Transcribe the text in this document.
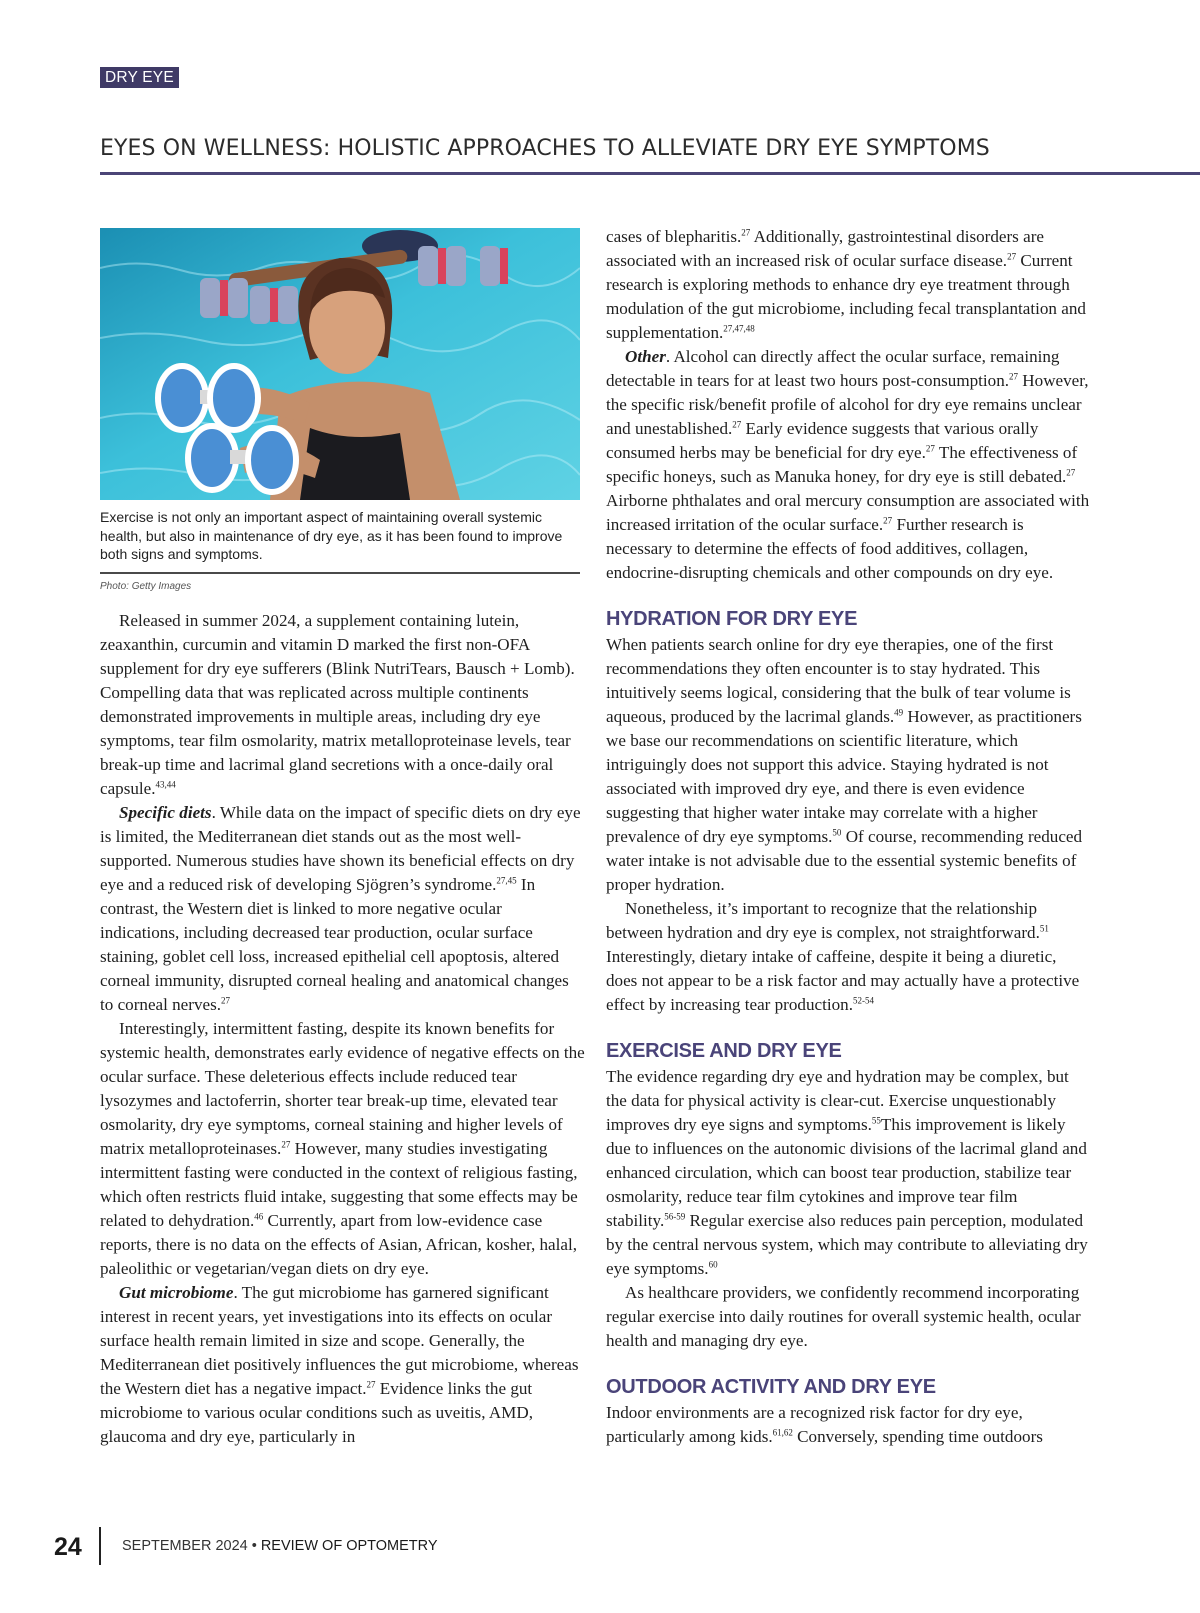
DRY EYE
EYES ON WELLNESS: HOLISTIC APPROACHES TO ALLEVIATE DRY EYE SYMPTOMS

Exercise is not only an important aspect of maintaining overall systemic health, but also in maintenance of dry eye, as it has been found to improve both signs and symptoms.

Photo: Getty Images

Released in summer 2024, a supplement containing lutein, zeaxanthin, curcumin and vitamin D marked the first non-OFA supplement for dry eye sufferers (Blink NutriTears, Bausch + Lomb). Compelling data that was replicated across multiple continents demonstrated improvements in multiple areas, including dry eye symptoms, tear film osmolarity, matrix metalloproteinase levels, tear break-up time and lacrimal gland secretions with a once-daily oral capsule.$^{43,44}$

Specific diets. While data on the impact of specific diets on dry eye is limited, the Mediterranean diet stands out as the most well-supported. Numerous studies have shown its beneficial effects on dry eye and a reduced risk of developing Sjögren’s syndrome.$^{27,45}$ In contrast, the Western diet is linked to more negative ocular indications, including decreased tear production, ocular surface staining, goblet cell loss, increased epithelial cell apoptosis, altered corneal immunity, disrupted corneal healing and anatomical changes to corneal nerves.$^{27}$

Interestingly, intermittent fasting, despite its known benefits for systemic health, demonstrates early evidence of negative effects on the ocular surface. These deleterious effects include reduced tear lysozymes and lactoferrin, shorter tear break-up time, elevated tear osmolarity, dry eye symptoms, corneal staining and higher levels of matrix metalloproteinases.$^{27}$ However, many studies investigating intermittent fasting were conducted in the context of religious fasting, which often restricts fluid intake, suggesting that some effects may be related to dehydration.$^{46}$ Currently, apart from low-evidence case reports, there is no data on the effects of Asian, African, kosher, halal, paleolithic or vegetarian/vegan diets on dry eye.

Gut microbiome. The gut microbiome has garnered significant interest in recent years, yet investigations into its effects on ocular surface health remain limited in size and scope. Generally, the Mediterranean diet positively influences the gut microbiome, whereas the Western diet has a negative impact.$^{27}$ Evidence links the gut microbiome to various ocular conditions such as uveitis, AMD, glaucoma and dry eye, particularly in

cases of blepharitis.$^{27}$ Additionally, gastrointestinal disorders are associated with an increased risk of ocular surface disease.$^{27}$ Current research is exploring methods to enhance dry eye treatment through modulation of the gut microbiome, including fecal transplantation and supplementation.$^{27,47,48}$

Other. Alcohol can directly affect the ocular surface, remaining detectable in tears for at least two hours post-consumption.$^{27}$ However, the specific risk/benefit profile of alcohol for dry eye remains unclear and unestablished.$^{27}$ Early evidence suggests that various orally consumed herbs may be beneficial for dry eye.$^{27}$ The effectiveness of specific honeys, such as Manuka honey, for dry eye is still debated.$^{27}$ Airborne phthalates and oral mercury consumption are associated with increased irritation of the ocular surface.$^{27}$ Further research is necessary to determine the effects of food additives, collagen, endocrine-disrupting chemicals and other compounds on dry eye.

HYDRATION FOR DRY EYE

When patients search online for dry eye therapies, one of the first recommendations they often encounter is to stay hydrated. This intuitively seems logical, considering that the bulk of tear volume is aqueous, produced by the lacrimal glands.$^{49}$ However, as practitioners we base our recommendations on scientific literature, which intriguingly does not support this advice. Staying hydrated is not associated with improved dry eye, and there is even evidence suggesting that higher water intake may correlate with a higher prevalence of dry eye symptoms.$^{50}$ Of course, recommending reduced water intake is not advisable due to the essential systemic benefits of proper hydration.

Nonetheless, it’s important to recognize that the relationship between hydration and dry eye is complex, not straightforward.$^{51}$ Interestingly, dietary intake of caffeine, despite it being a diuretic, does not appear to be a risk factor and may actually have a protective effect by increasing tear production.$^{52-54}$

EXERCISE AND DRY EYE

The evidence regarding dry eye and hydration may be complex, but the data for physical activity is clear-cut. Exercise unquestionably improves dry eye signs and symptoms.$^{55}$This improvement is likely due to influences on the autonomic divisions of the lacrimal gland and enhanced circulation, which can boost tear production, stabilize tear osmolarity, reduce tear film cytokines and improve tear film stability.$^{56-59}$ Regular exercise also reduces pain perception, modulated by the central nervous system, which may contribute to alleviating dry eye symptoms.$^{60}$

As healthcare providers, we confidently recommend incorporating regular exercise into daily routines for overall systemic health, ocular health and managing dry eye.

OUTDOOR ACTIVITY AND DRY EYE

Indoor environments are a recognized risk factor for dry eye, particularly among kids.$^{61,62}$ Conversely, spending time outdoors

24	SEPTEMBER 2024 • REVIEW OF OPTOMETRY
